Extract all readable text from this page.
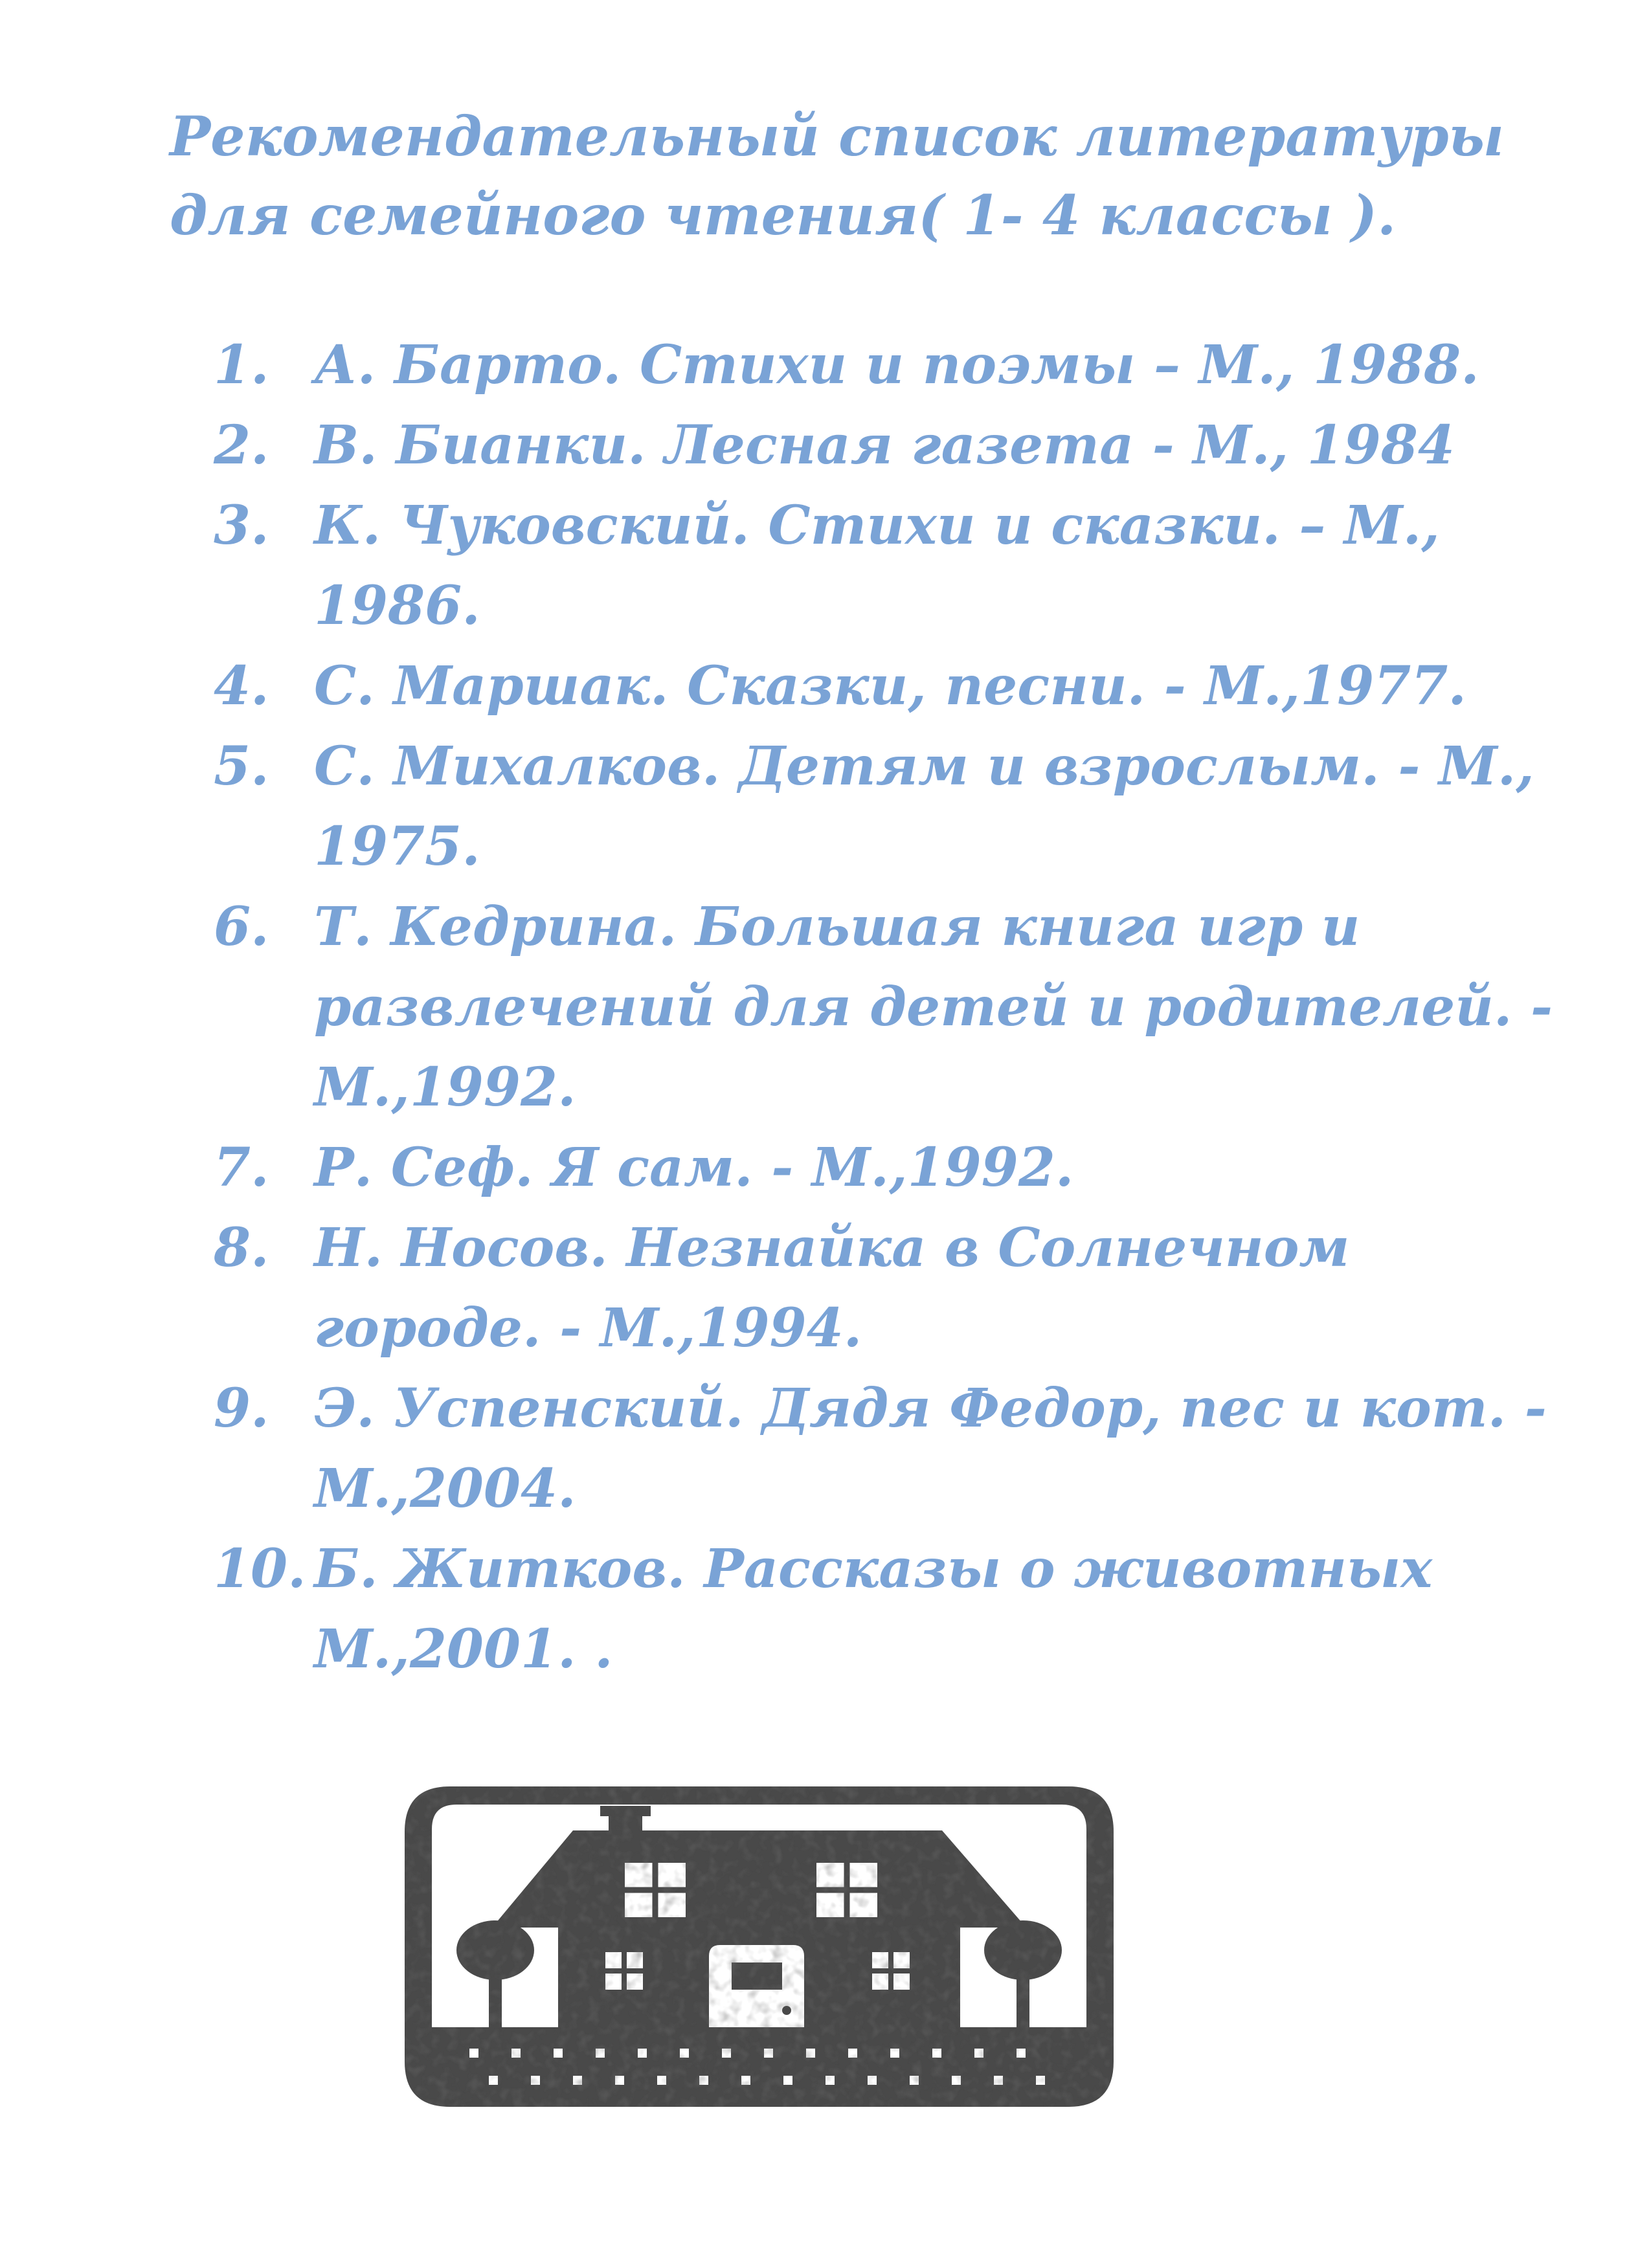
Рекомендательный список литературы
для семейного чтения( 1- 4 классы ).
1. А. Барто. Стихи и поэмы – М., 1988.
2. В. Бианки. Лесная газета - М., 1984
3. К. Чуковский. Стихи и сказки. – М.,
1986.
4. С. Маршак. Сказки, песни. - М.,1977.
5. С. Михалков. Детям и взрослым. - М.,
1975.
6. Т. Кедрина. Большая книга игр и
развлечений для детей и родителей. -
М.,1992.
7. Р. Сеф. Я сам. - М.,1992.
8. Н. Носов. Незнайка в Солнечном
городе. - М.,1994.
9. Э. Успенский. Дядя Федор, пес и кот. -
М.,2004.
10. Б. Житков. Рассказы о животных
М.,2001. .
